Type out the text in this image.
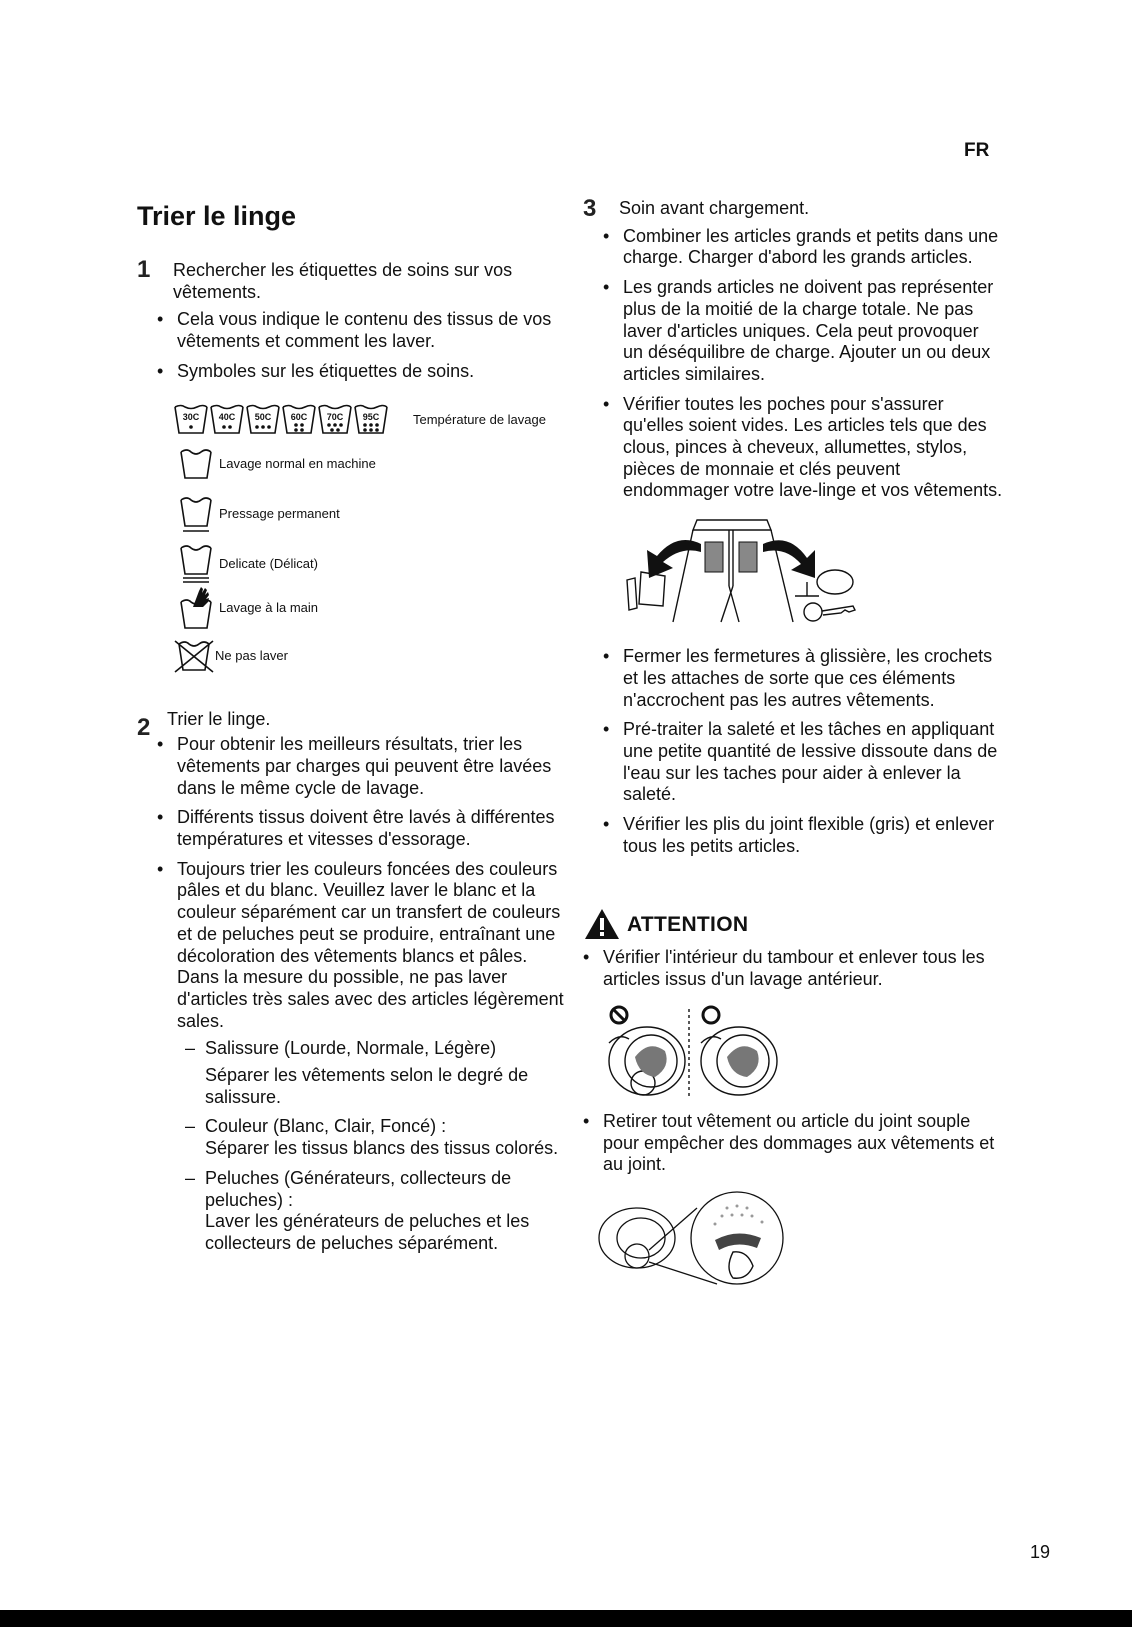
FR
Trier le linge
1 Rechercher les étiquettes de soins sur vos vêtements.

• Cela vous indique le contenu des tissus de vos vêtements et comment les laver.
• Symboles sur les étiquettes de soins.
30C 40C 50C 60C 70C 95C	Température de lavage
Lavage normal en machine
Pressage permanent
Delicate (Délicat)
Lavage à la main
Ne pas laver
2 Trier le linge.

• Pour obtenir les meilleurs résultats, trier les vêtements par charges qui peuvent être lavées dans le même cycle de lavage.
• Différents tissus doivent être lavés à différentes températures et vitesses d'essorage.
• Toujours trier les couleurs foncées des couleurs pâles et du blanc. Veuillez laver le blanc et la couleur séparément car un transfert de couleurs et de peluches peut se produire, entraînant une décoloration des vêtements blancs et pâles. Dans la mesure du possible, ne pas laver d'articles très sales avec des articles légèrement sales.
– Salissure (Lourde, Normale, Légère)
Séparer les vêtements selon le degré de salissure.
– Couleur (Blanc, Clair, Foncé) :
Séparer les tissus blancs des tissus colorés.
– Peluches (Générateurs, collecteurs de peluches) :
Laver les générateurs de peluches et les collecteurs de peluches séparément.
3 Soin avant chargement.

• Combiner les articles grands et petits dans une charge. Charger d'abord les grands articles.
• Les grands articles ne doivent pas représenter plus de la moitié de la charge totale. Ne pas laver d'articles uniques. Cela peut provoquer un déséquilibre de charge. Ajouter un ou deux articles similaires.
• Vérifier toutes les poches pour s'assurer qu'elles soient vides. Les articles tels que des clous, pinces à cheveux, allumettes, stylos, pièces de monnaie et clés peuvent endommager votre lave-linge et vos vêtements.
• Fermer les fermetures à glissière, les crochets et les attaches de sorte que ces éléments n'accrochent pas les autres vêtements.
• Pré-traiter la saleté et les tâches en appliquant une petite quantité de lessive dissoute dans de l'eau sur les taches pour aider à enlever la saleté.
• Vérifier les plis du joint flexible (gris) et enlever tous les petits articles.
ATTENTION
• Vérifier l'intérieur du tambour et enlever tous les articles issus d'un lavage antérieur.
• Retirer tout vêtement ou article du joint souple pour empêcher des dommages aux vêtements et au joint.
19
